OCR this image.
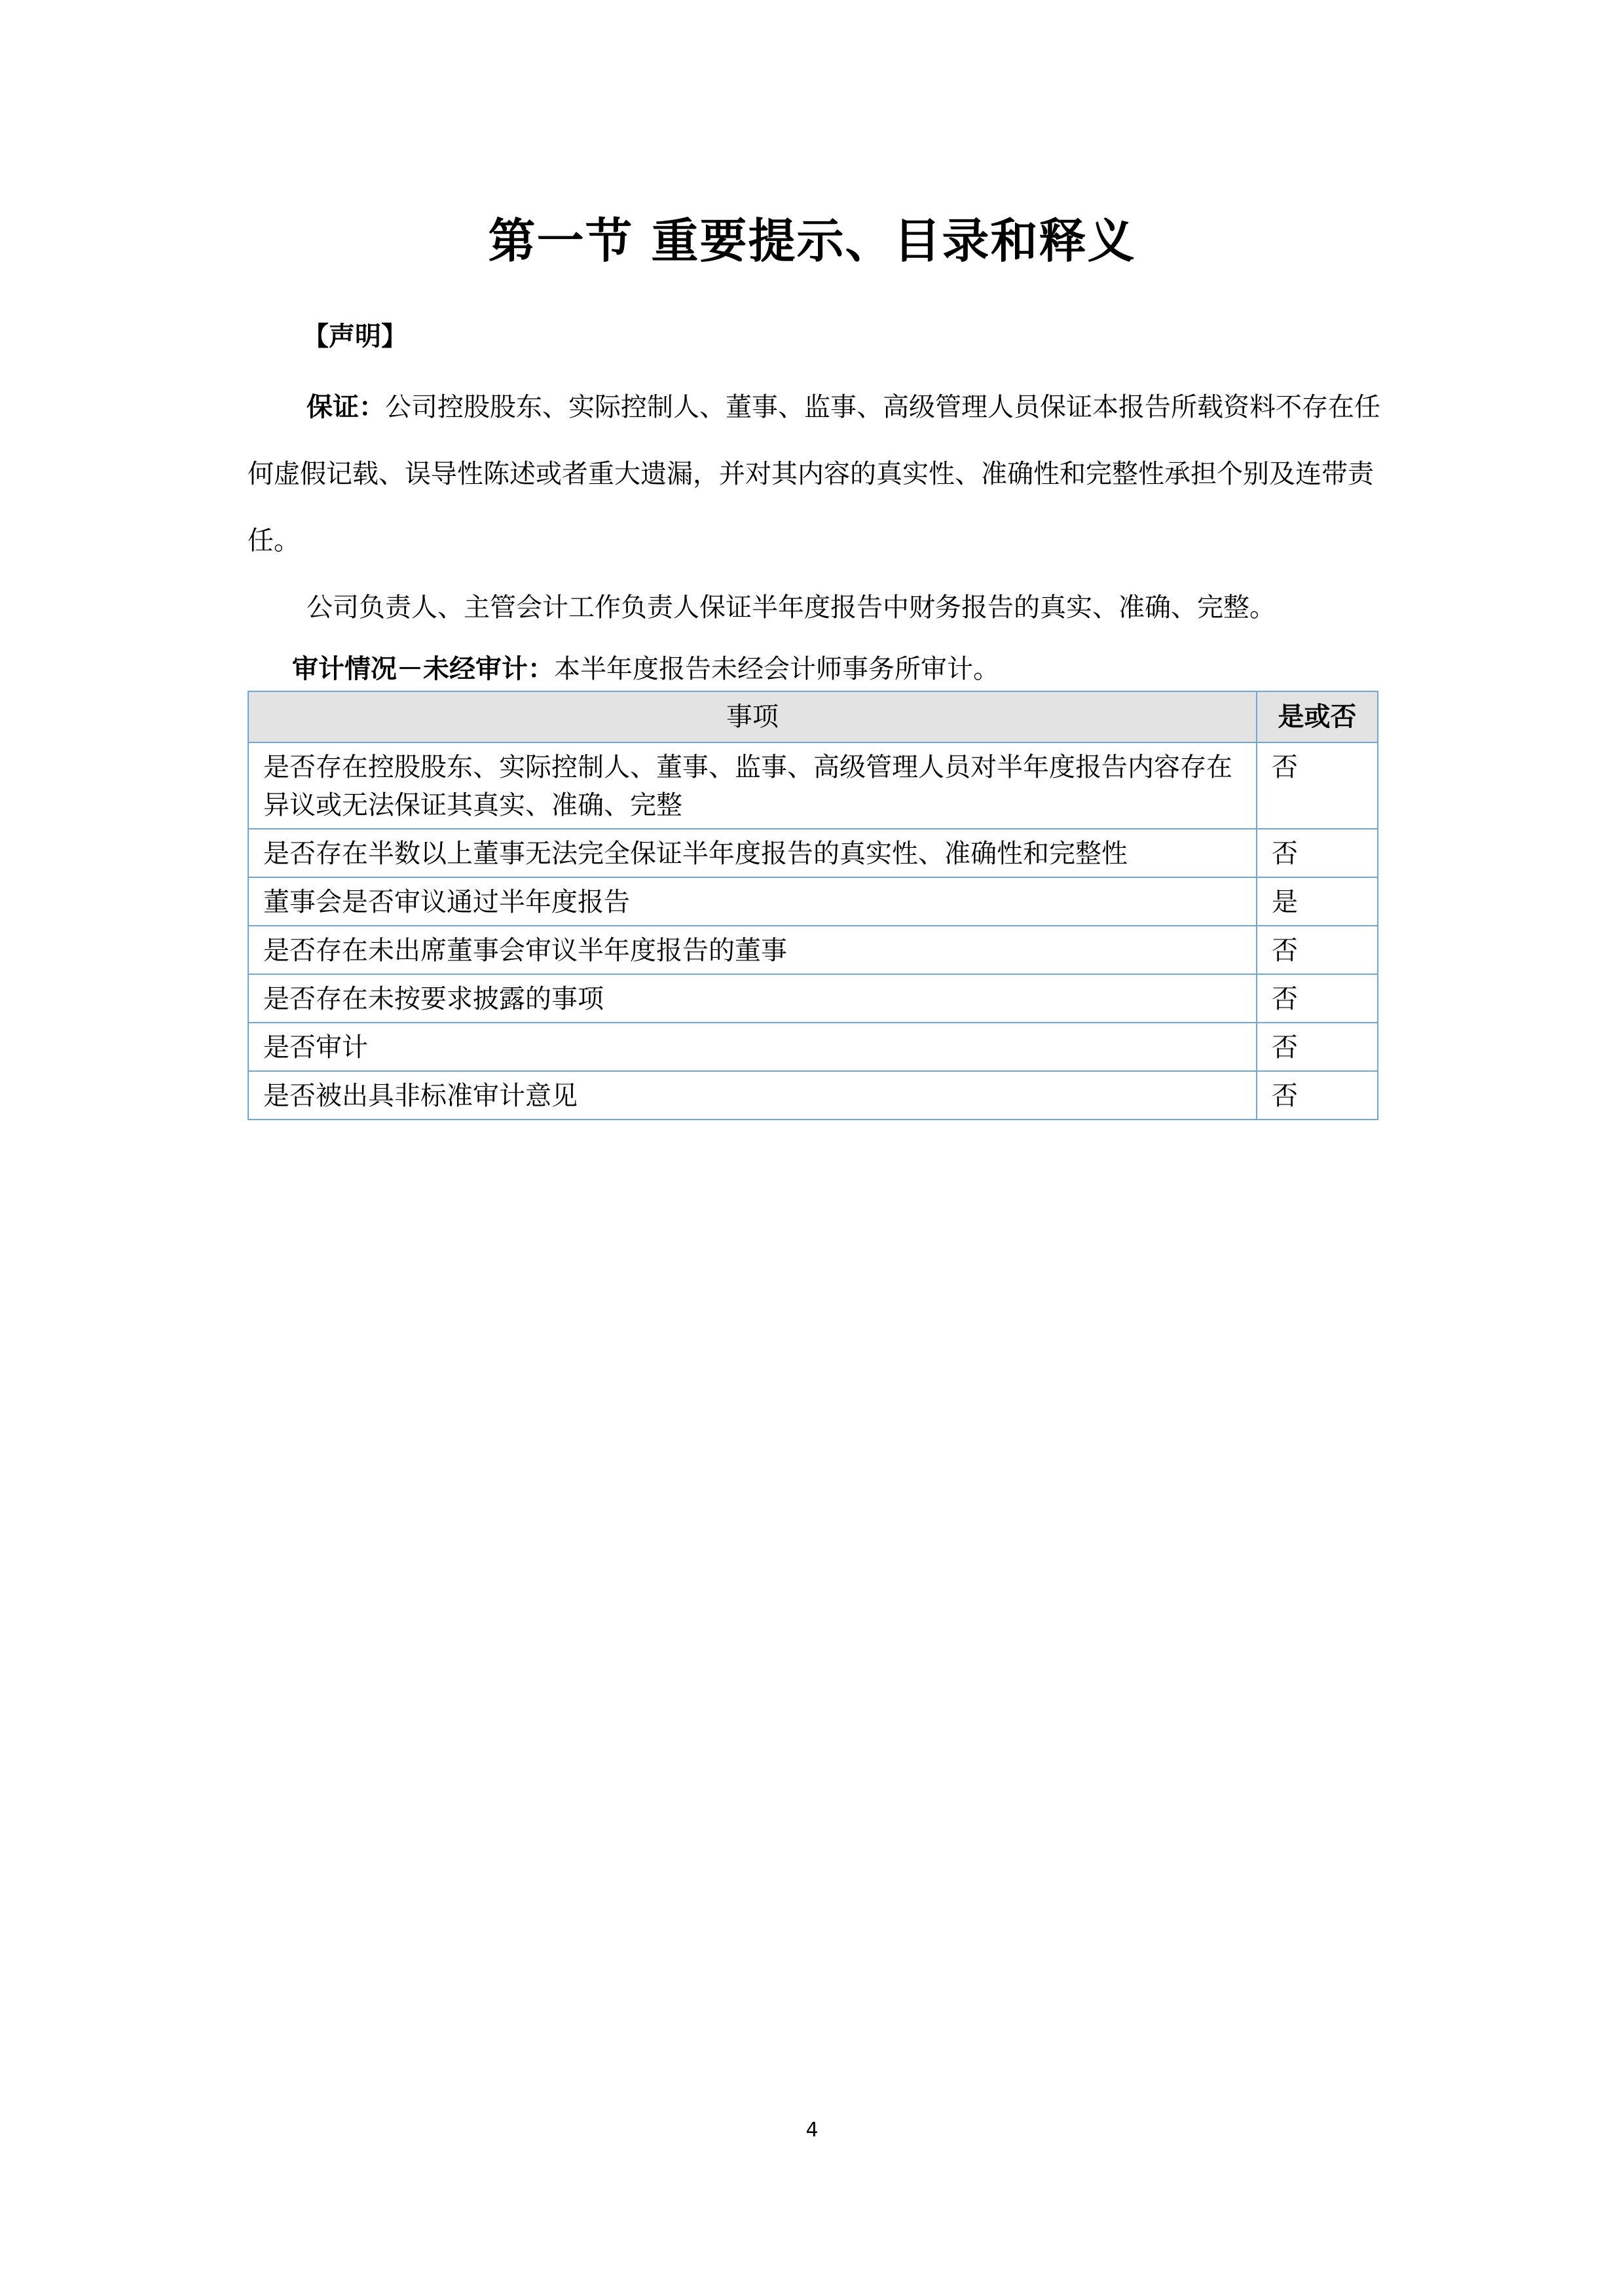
第一节 重要提示、目录和释义
【声明】
保证：公司控股股东、实际控制人、董事、监事、高级管理人员保证本报告所载资料不存在任何虚假记载、误导性陈述或者重大遗漏，并对其内容的真实性、准确性和完整性承担个别及连带责任。
公司负责人、主管会计工作负责人保证半年度报告中财务报告的真实、准确、完整。
审计情况－未经审计：本半年度报告未经会计师事务所审计。
事项	是或否
是否存在控股股东、实际控制人、董事、监事、高级管理人员对半年度报告内容存在异议或无法保证其真实、准确、完整	否
是否存在半数以上董事无法完全保证半年度报告的真实性、准确性和完整性	否
董事会是否审议通过半年度报告	是
是否存在未出席董事会审议半年度报告的董事	否
是否存在未按要求披露的事项	否
是否审计	否
是否被出具非标准审计意见	否
4
